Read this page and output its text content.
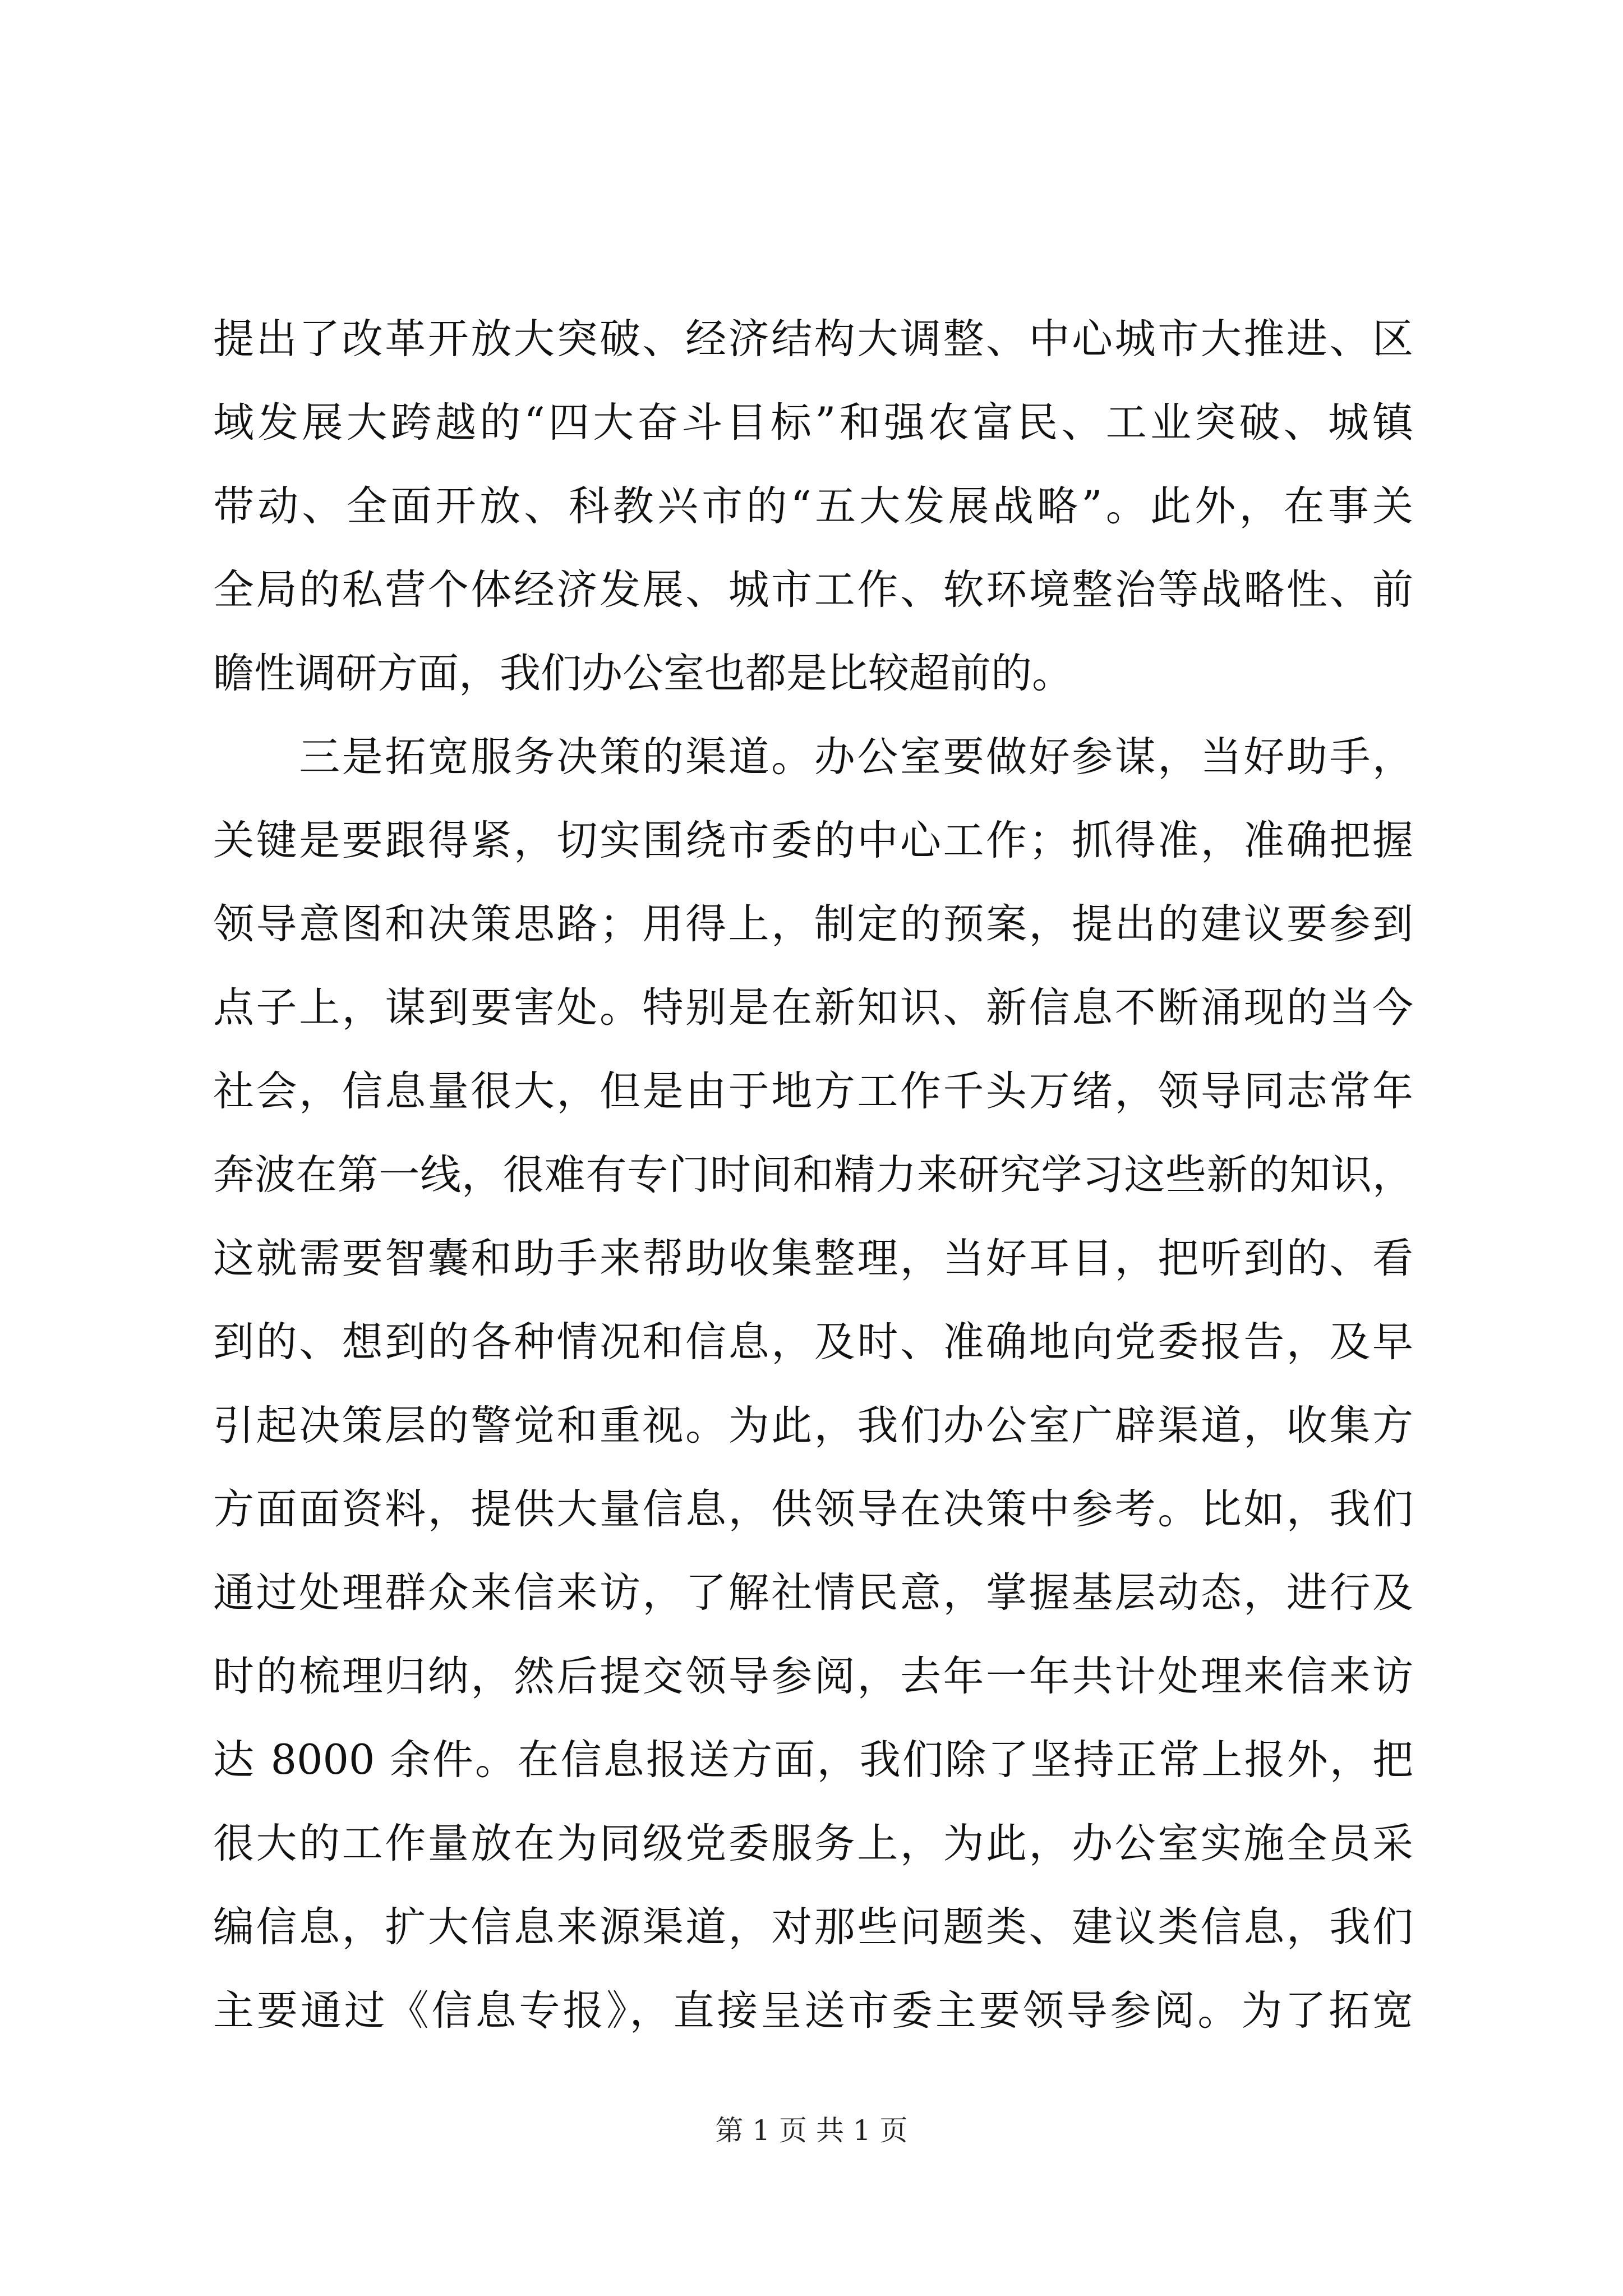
提出了改革开放大突破、经济结构大调整、中心城市大推进、区
域发展大跨越的“四大奋斗目标”和强农富民、工业突破、城镇
带动、全面开放、科教兴市的“五大发展战略”。此外，在事关
全局的私营个体经济发展、城市工作、软环境整治等战略性、前
瞻性调研方面，我们办公室也都是比较超前的。
　　三是拓宽服务决策的渠道。办公室要做好参谋，当好助手，
关键是要跟得紧，切实围绕市委的中心工作；抓得准，准确把握
领导意图和决策思路；用得上，制定的预案，提出的建议要参到
点子上，谋到要害处。特别是在新知识、新信息不断涌现的当今
社会，信息量很大，但是由于地方工作千头万绪，领导同志常年
奔波在第一线，很难有专门时间和精力来研究学习这些新的知识，
这就需要智囊和助手来帮助收集整理，当好耳目，把听到的、看
到的、想到的各种情况和信息，及时、准确地向党委报告，及早
引起决策层的警觉和重视。为此，我们办公室广辟渠道，收集方
方面面资料，提供大量信息，供领导在决策中参考。比如，我们
通过处理群众来信来访，了解社情民意，掌握基层动态，进行及
时的梳理归纳，然后提交领导参阅，去年一年共计处理来信来访
达 8000 余件。在信息报送方面，我们除了坚持正常上报外，把
很大的工作量放在为同级党委服务上，为此，办公室实施全员采
编信息，扩大信息来源渠道，对那些问题类、建议类信息，我们
主要通过《信息专报》，直接呈送市委主要领导参阅。为了拓宽
第 1 页 共 1 页
